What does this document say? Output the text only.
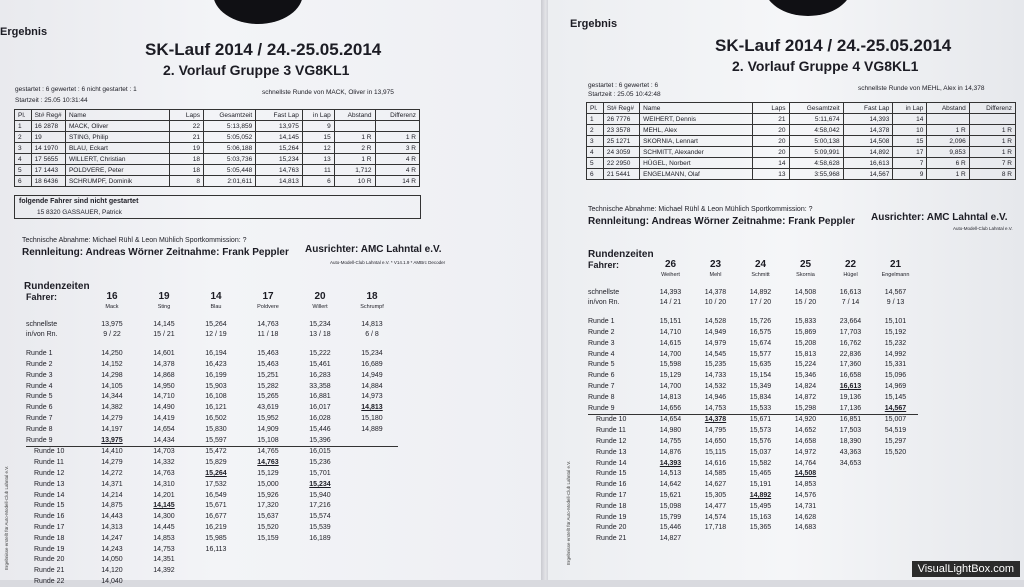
Ergebnis
SK-Lauf 2014 / 24.-25.05.2014
2. Vorlauf Gruppe 3 VG8KL1
gestartet : 6 gewertet : 6 nicht gestartet : 1
Startzeit : 25.05 10:31:44
schnellste Runde von MACK, Oliver in 13,975
Pl.	St# Reg#	Name	Laps	Gesamtzeit	Fast Lap	in Lap	Abstand	Differenz
1	16 2878	MACK, Oliver	22	5:13,859	13,975	9		
2	19	STING, Philip	21	5:05,052	14,145	15	1 R	1 R
3	14 1970	BLAU, Eckart	19	5:06,188	15,264	12	2 R	3 R
4	17 5655	WILLERT, Christian	18	5:03,736	15,234	13	1 R	4 R
5	17 1443	POLDVERE, Peter	18	5:05,448	14,763	11	1,712	4 R
6	18 6436	SCHRUMPF, Dominik	8	2:01,611	14,813	6	10 R	14 R
folgende Fahrer sind nicht gestartet
15 8320 GASSAUER, Patrick
Technische Abnahme: Michael Rühl & Leon Mühlich Sportkommission: ?
Rennleitung: Andreas Wörner Zeitnahme: Frank Peppler Ausrichter: AMC Lahntal e.V.
Auto-Modell-Club Lahntal e.V. * V14.1.9 * AMBrc Decoder
Rundenzeiten
Ergebnisse erstellt für Auto-Modell-Club Lahntal e.V.
Fahrer:	16	19	14	17	20	18
	Mack	Sting	Blau	Poldvere	Willert	Schrumpf

schnellste	13,975	14,145	15,264	14,763	15,234	14,813
in/von Rn.	9 / 22	15 / 21	12 / 19	11 / 18	13 / 18	6 / 8

Runde 1	14,250	14,601	16,194	15,463	15,222	15,234
Runde 2	14,152	14,378	16,423	15,463	15,461	16,689
Runde 3	14,298	14,868	16,199	15,251	16,283	14,949
Runde 4	14,105	14,950	15,903	15,282	33,358	14,884
Runde 5	14,344	14,710	16,108	15,265	16,881	14,973
Runde 6	14,382	14,490	16,121	43,619	16,017	14,813
Runde 7	14,279	14,419	16,502	15,952	16,028	15,180
Runde 8	14,197	14,654	15,830	14,909	15,446	14,889
Runde 9	13,975	14,434	15,597	15,108	15,396	
Runde 10	14,410	14,703	15,472	14,765	16,015	
Runde 11	14,279	14,332	15,829	14,763	15,236	
Runde 12	14,272	14,763	15,264	15,129	15,701	
Runde 13	14,371	14,310	17,532	15,000	15,234	
Runde 14	14,214	14,201	16,549	15,926	15,940	
Runde 15	14,875	14,145	15,671	17,320	17,216	
Runde 16	14,443	14,300	16,677	15,637	15,574	
Runde 17	14,313	14,445	16,219	15,520	15,539	
Runde 18	14,247	14,853	15,985	15,159	16,189	
Runde 19	14,243	14,753	16,113			
Runde 20	14,050	14,351				
Runde 21	14,120	14,392				
Runde 22	14,040					
Ergebnis
SK-Lauf 2014 / 24.-25.05.2014
2. Vorlauf Gruppe 4 VG8KL1
gestartet : 6 gewertet : 6
Startzeit : 25.05 10:42:48
schnellste Runde von MEHL, Alex in 14,378
Pl.	St# Reg#	Name	Laps	Gesamtzeit	Fast Lap	in Lap	Abstand	Differenz
1	26 7776	WEIHERT, Dennis	21	5:11,674	14,393	14		
2	23 3578	MEHL, Alex	20	4:58,042	14,378	10	1 R	1 R
3	25 1271	SKORNIA, Lennart	20	5:00,138	14,508	15	2,096	1 R
4	24 3059	SCHMITT, Alexander	20	5:09,991	14,892	17	9,853	1 R
5	22 2950	HÜGEL, Norbert	14	4:58,628	16,613	7	6 R	7 R
6	21 5441	ENGELMANN, Olaf	13	3:55,968	14,567	9	1 R	8 R
Technische Abnahme: Michael Rühl & Leon Mühlich Sportkommission: ?
Rennleitung: Andreas Wörner Zeitnahme: Frank Peppler Ausrichter: AMC Lahntal e.V.
Auto-Modell-Club Lahntal e.V.
Rundenzeiten
Ergebnisse erstellt für Auto-Modell-Club Lahntal e.V.
Fahrer:	26	23	24	25	22	21
	Weihert	Mehl	Schmitt	Skornia	Hügel	Engelmann

schnellste	14,393	14,378	14,892	14,508	16,613	14,567
in/von Rn.	14 / 21	10 / 20	17 / 20	15 / 20	7 / 14	9 / 13

Runde 1	15,151	14,528	15,726	15,833	23,664	15,101
Runde 2	14,710	14,949	16,575	15,869	17,703	15,192
Runde 3	14,615	14,979	15,674	15,208	16,762	15,232
Runde 4	14,700	14,545	15,577	15,813	22,836	14,992
Runde 5	15,598	15,235	15,635	15,224	17,360	15,331
Runde 6	15,129	14,733	15,154	15,346	16,658	15,096
Runde 7	14,700	14,532	15,349	14,824	16,613	14,969
Runde 8	14,813	14,946	15,834	14,872	19,136	15,145
Runde 9	14,656	14,753	15,533	15,298	17,136	14,567
Runde 10	14,654	14,378	15,671	14,920	16,851	15,007
Runde 11	14,980	14,795	15,573	14,652	17,503	54,519
Runde 12	14,755	14,650	15,576	14,658	18,390	15,297
Runde 13	14,876	15,115	15,037	14,972	43,363	15,520
Runde 14	14,393	14,616	15,582	14,764	34,653	
Runde 15	14,513	14,585	15,465	14,508		
Runde 16	14,642	14,627	15,191	14,853		
Runde 17	15,621	15,305	14,892	14,576		
Runde 18	15,098	14,477	15,495	14,731		
Runde 19	15,799	14,574	15,163	14,628		
Runde 20	15,446	17,718	15,365	14,683		
Runde 21	14,827					
VisualLightBox.com
